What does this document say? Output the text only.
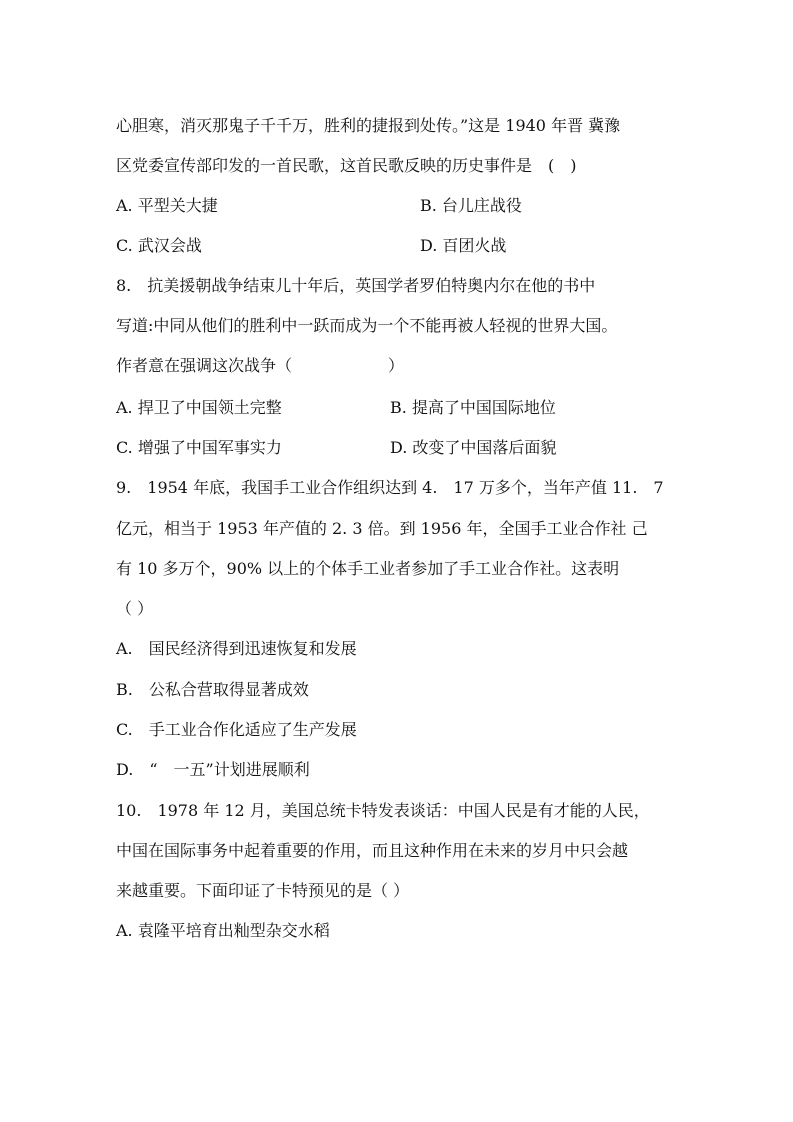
心胆寒，消灭那鬼子千千万，胜利的捷报到处传。”这是 1940 年晋 冀豫
区党委宣传部印发的一首民歌，这首民歌反映的历史事件是　(　)
A. 平型关大捷	B. 台儿庄战役
C. 武汉会战	D. 百团火战
8.　抗美援朝战争结束儿十年后，英国学者罗伯特奥内尔在他的书中
写道:中同从他们的胜利中一跃而成为一个不能再被人轻视的世界大国。
作者意在强调这次战争（　　　　　　）
A. 捍卫了中国领土完整	B. 提高了中国国际地位
C. 增强了中国军事实力	D. 改变了中国落后面貌
9.　1954 年底，我国手工业合作组织达到 4.　17 万多个，当年产值 11.　7
亿元，相当于 1953 年产值的 2. 3 倍。到 1956 年，全国手工业合作社 己
有 10 多万个，90% 以上的个体手工业者参加了手工业合作社。这表明
（ ）
A.　国民经济得到迅速恢复和发展
B.　公私合营取得显著成效
C.　手工业合作化适应了生产发展
D.　“　一五”计划进展顺利
10.　1978 年 12 月，美国总统卡特发表谈话：中国人民是有才能的人民，
中国在国际事务中起着重要的作用，而且这种作用在未来的岁月中只会越
来越重要。下面印证了卡特预见的是（ ）
A. 袁隆平培育出籼型杂交水稻
